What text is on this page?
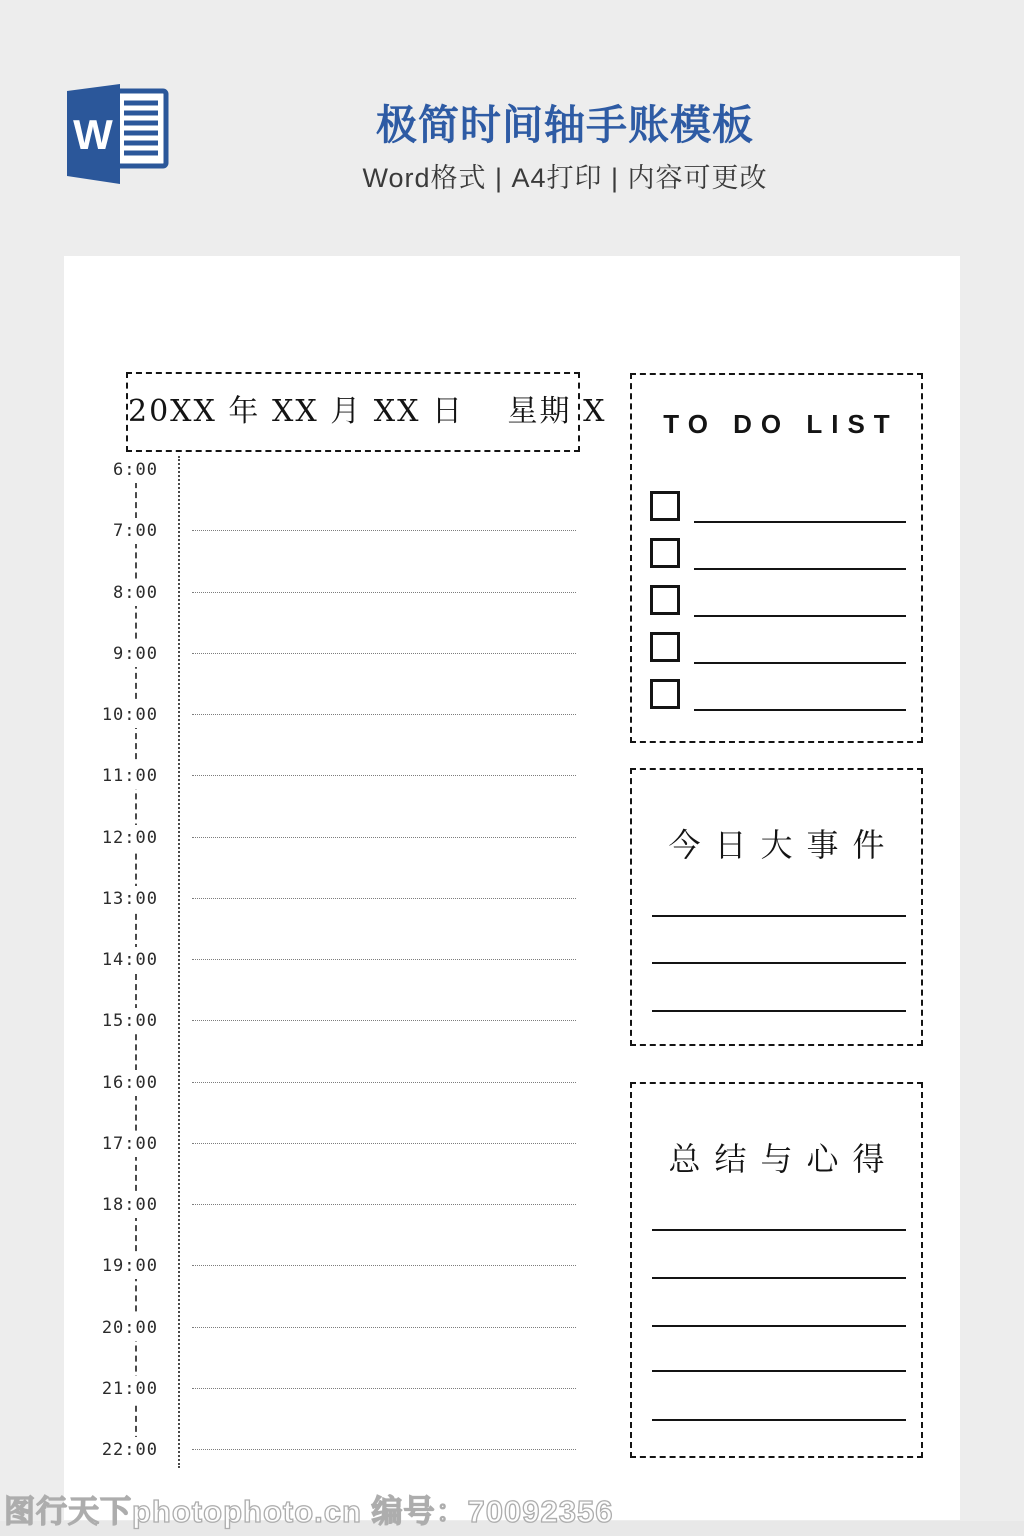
W	极简时间轴手账模板
Word格式 | A4打印 | 内容可更改
20XX 年 XX 月 XX 日　 星期 X
6:00
7:00
8:00
9:00
10:00
11:00
12:00
13:00
14:00
15:00
16:00
17:00
18:00
19:00
20:00
21:00
22:00
TO DO LIST
今日大事件
总结与心得
图行天下photophoto.cn 编号：70092356
